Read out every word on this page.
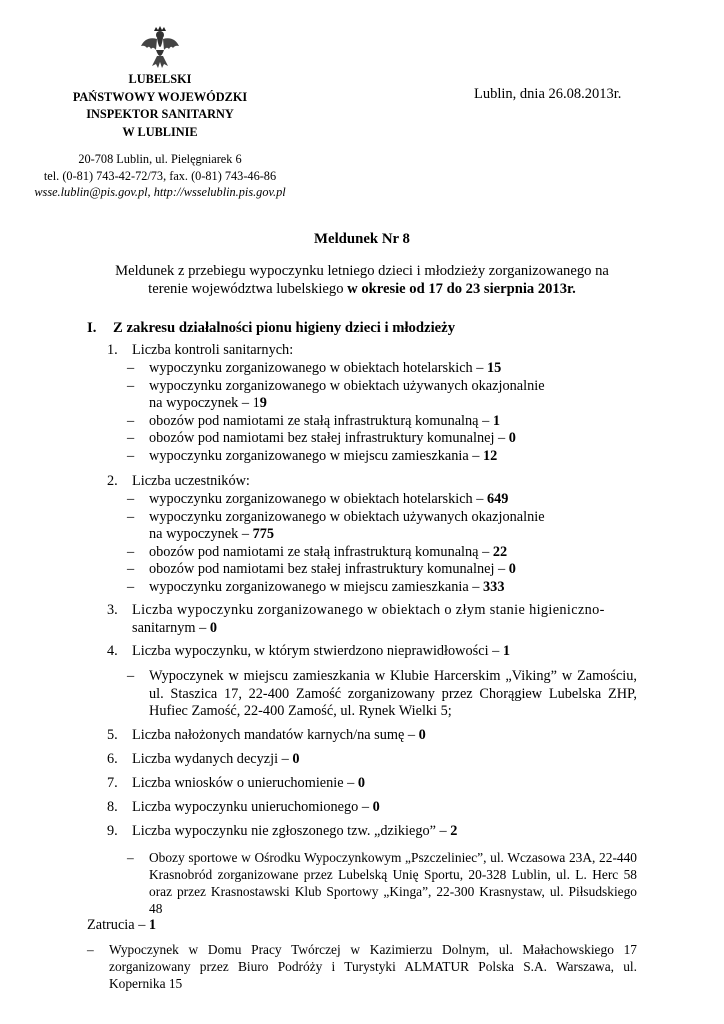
LUBELSKI
PAŃSTWOWY WOJEWÓDZKI
INSPEKTOR SANITARNY
W LUBLINIE
20-708 Lublin, ul. Pielęgniarek 6
tel. (0-81) 743-42-72/73, fax. (0-81) 743-46-86
wsse.lublin@pis.gov.pl, http://wsselublin.pis.gov.pl
Lublin, dnia 26.08.2013r.
Meldunek Nr 8
Meldunek z przebiegu wypoczynku letniego dzieci i młodzieży zorganizowanego na
terenie województwa lubelskiego w okresie od 17 do 23 sierpnia 2013r.
I. Z zakresu działalności pionu higieny dzieci i młodzieży
1. Liczba kontroli sanitarnych:
– wypoczynku zorganizowanego w obiektach hotelarskich – 15
– wypoczynku zorganizowanego w obiektach używanych okazjonalnie
na wypoczynek – 19
– obozów pod namiotami ze stałą infrastrukturą komunalną – 1
– obozów pod namiotami bez stałej infrastruktury komunalnej – 0
– wypoczynku zorganizowanego w miejscu zamieszkania – 12
2. Liczba uczestników:
– wypoczynku zorganizowanego w obiektach hotelarskich – 649
– wypoczynku zorganizowanego w obiektach używanych okazjonalnie
na wypoczynek – 775
– obozów pod namiotami ze stałą infrastrukturą komunalną – 22
– obozów pod namiotami bez stałej infrastruktury komunalnej – 0
– wypoczynku zorganizowanego w miejscu zamieszkania – 333
3. Liczba wypoczynku zorganizowanego w obiektach o złym stanie higieniczno-
sanitarnym – 0
4. Liczba wypoczynku, w którym stwierdzono nieprawidłowości – 1
– Wypoczynek w miejscu zamieszkania w Klubie Harcerskim „Viking” w Zamościu, ul. Staszica 17, 22-400 Zamość zorganizowany przez Chorągiew Lubelska ZHP, Hufiec Zamość, 22-400 Zamość, ul. Rynek Wielki 5;
5. Liczba nałożonych mandatów karnych/na sumę – 0
6. Liczba wydanych decyzji – 0
7. Liczba wniosków o unieruchomienie – 0
8. Liczba wypoczynku unieruchomionego – 0
9. Liczba wypoczynku nie zgłoszonego tzw. „dzikiego” – 2
– Obozy sportowe w Ośrodku Wypoczynkowym „Pszczeliniec”, ul. Wczasowa 23A, 22-440 Krasnobród zorganizowane przez Lubelską Unię Sportu, 20-328 Lublin, ul. L. Herc 58 oraz przez Krasnostawski Klub Sportowy „Kinga”, 22-300 Krasnystaw, ul. Piłsudskiego 48
Zatrucia – 1
– Wypoczynek w Domu Pracy Twórczej w Kazimierzu Dolnym, ul. Małachowskiego 17 zorganizowany przez Biuro Podróży i Turystyki ALMATUR Polska S.A. Warszawa, ul. Kopernika 15
